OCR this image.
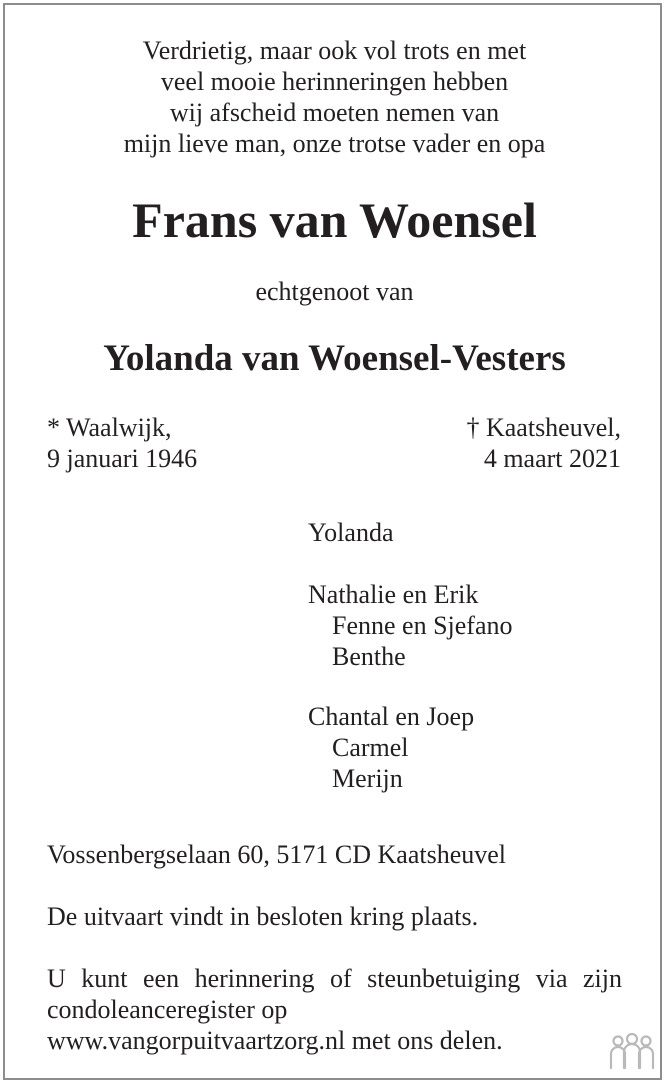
Verdrietig, maar ook vol trots en met
veel mooie herinneringen hebben
wij afscheid moeten nemen van
mijn lieve man, onze trotse vader en opa
Frans van Woensel
echtgenoot van
Yolanda van Woensel-Vesters
* Waalwijk,
9 januari 1946
† Kaatsheuvel,
4 maart 2021
Yolanda
Nathalie en Erik
Fenne en Sjefano
Benthe
Chantal en Joep
Carmel
Merijn
Vossenbergselaan 60, 5171 CD Kaatsheuvel
De uitvaart vindt in besloten kring plaats.
U kunt een herinnering of steunbetuiging via zijn
condoleanceregister op
www.vangorpuitvaartzorg.nl met ons delen.
